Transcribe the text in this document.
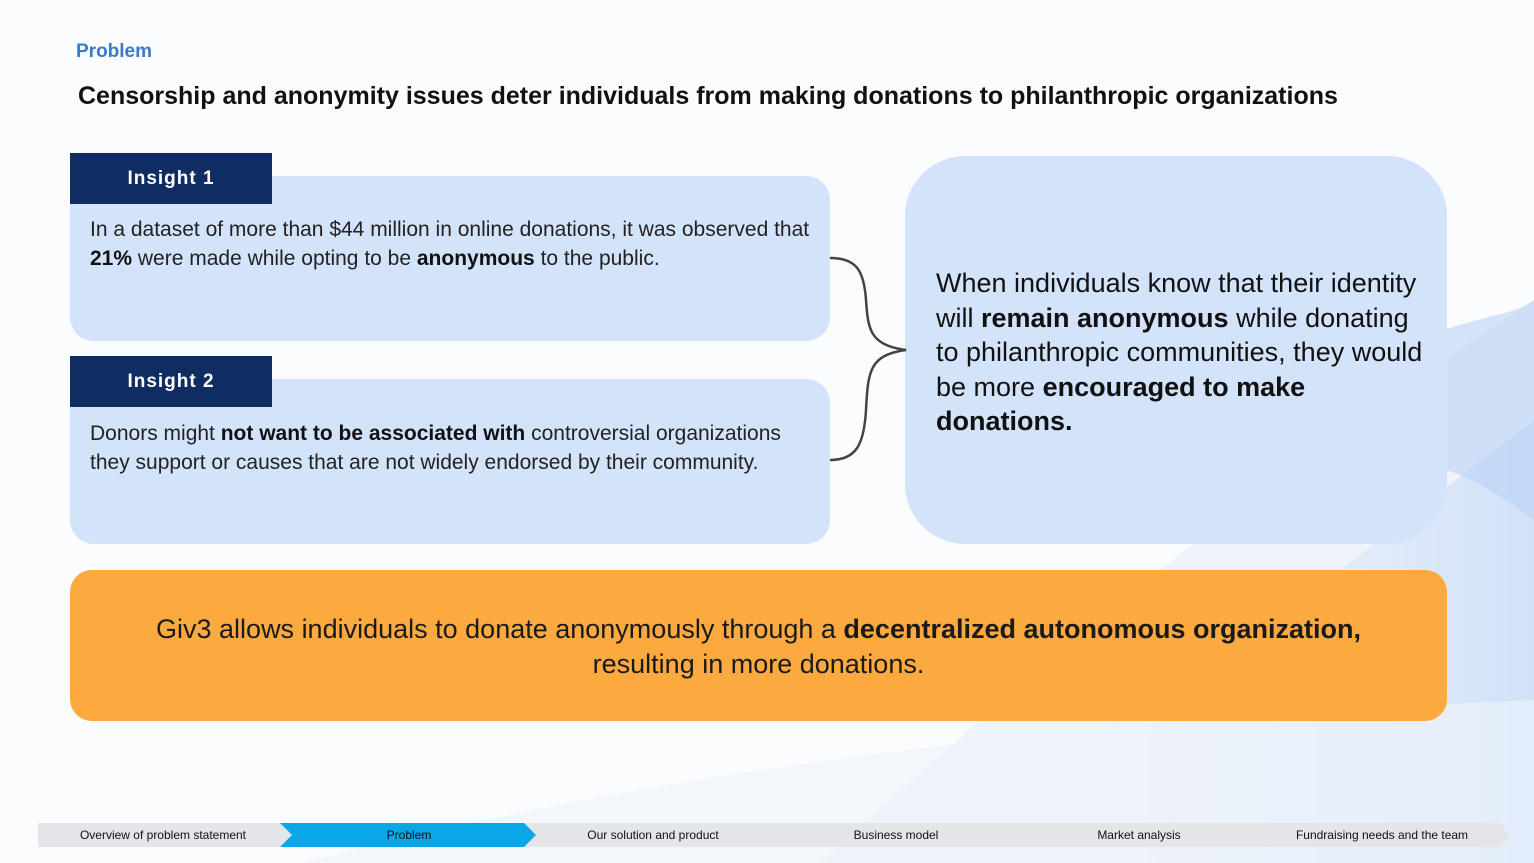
Problem
Censorship and anonymity issues deter individuals from making donations to philanthropic organizations
Insight 1
In a dataset of more than $44 million in online donations, it was observed that 21% were made while opting to be anonymous to the public.
Insight 2
Donors might not want to be associated with controversial organizations they support or causes that are not widely endorsed by their community.
When individuals know that their identity will remain anonymous while donating to philanthropic communities, they would be more encouraged to make donations.
Giv3 allows individuals to donate anonymously through a decentralized autonomous organization,
resulting in more donations.
Overview of problem statement	Problem	Our solution and product	Business model	Market analysis	Fundraising needs and the team
